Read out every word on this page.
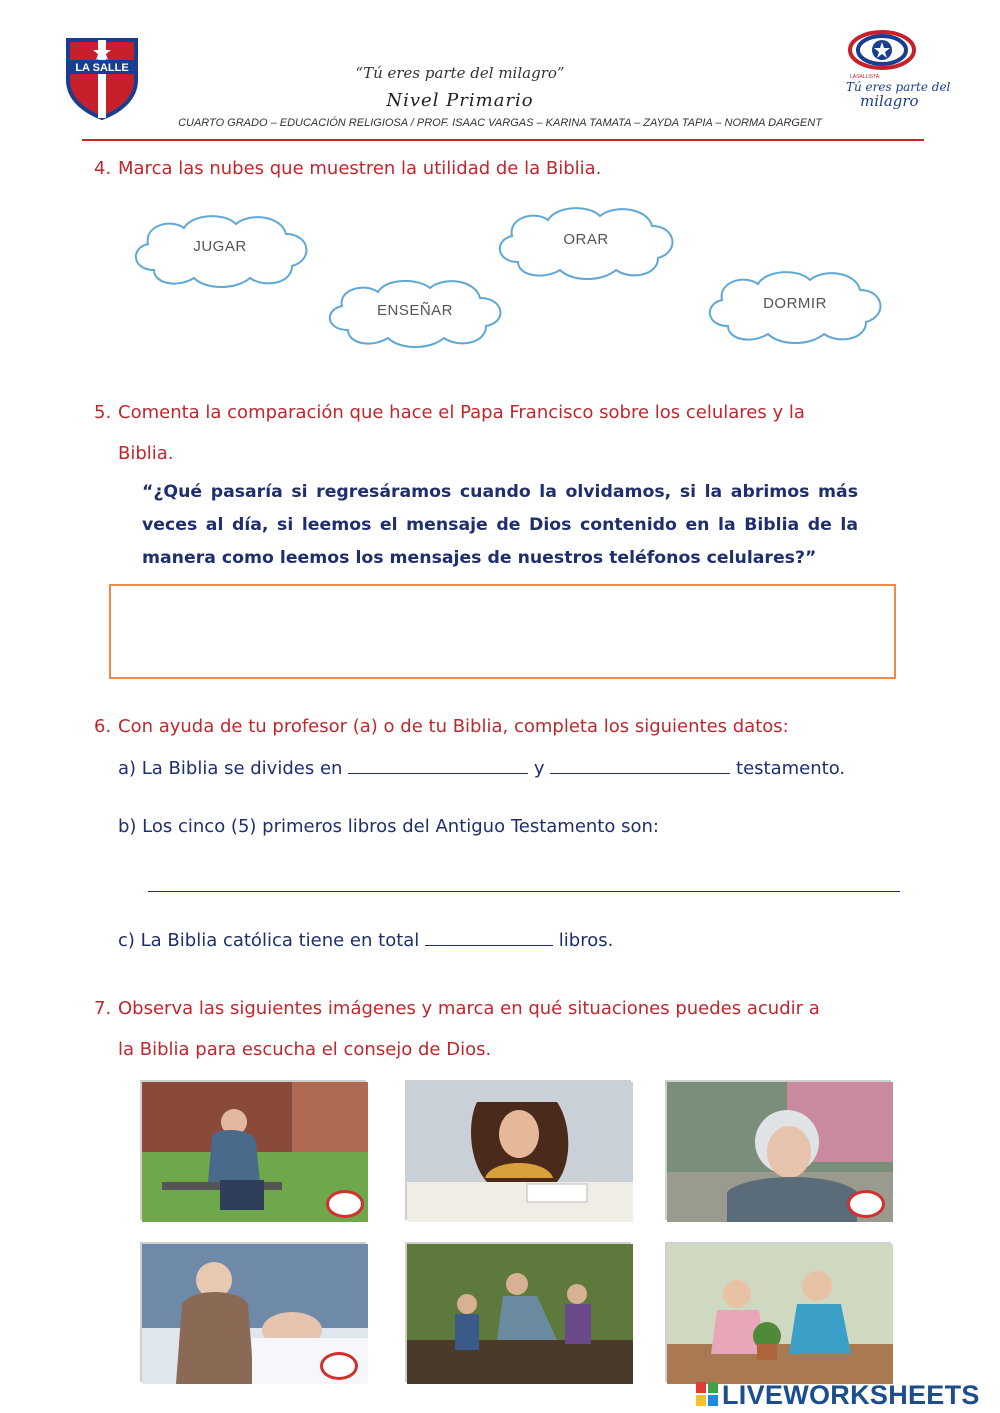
LA SALLE	“Tú eres parte del milagro”
Nivel Primario
CUARTO GRADO – EDUCACIÓN RELIGIOSA / PROF. ISAAC VARGAS – KARINA TAMATA – ZAYDA TAPIA – NORMA DARGENT
LASALLISTA:
Tú eres parte del
milagro
4. Marca las nubes que muestren la utilidad de la Biblia.
JUGAR	ORAR
ENSEÑAR	DORMIR
5. Comenta la comparación que hace el Papa Francisco sobre los celulares y la
Biblia.
“¿Qué pasaría si regresáramos cuando la olvidamos, si la abrimos más veces al día, si leemos el mensaje de Dios contenido en la Biblia de la manera como leemos los mensajes de nuestros teléfonos celulares?”
6. Con ayuda de tu profesor (a) o de tu Biblia, completa los siguientes datos:
a) La Biblia se divides en	y	testamento.
b) Los cinco (5) primeros libros del Antiguo Testamento son:
c) La Biblia católica tiene en total	libros.
7. Observa las siguientes imágenes y marca en qué situaciones puedes acudir a
la Biblia para escucha el consejo de Dios.
LIVEWORKSHEETS
